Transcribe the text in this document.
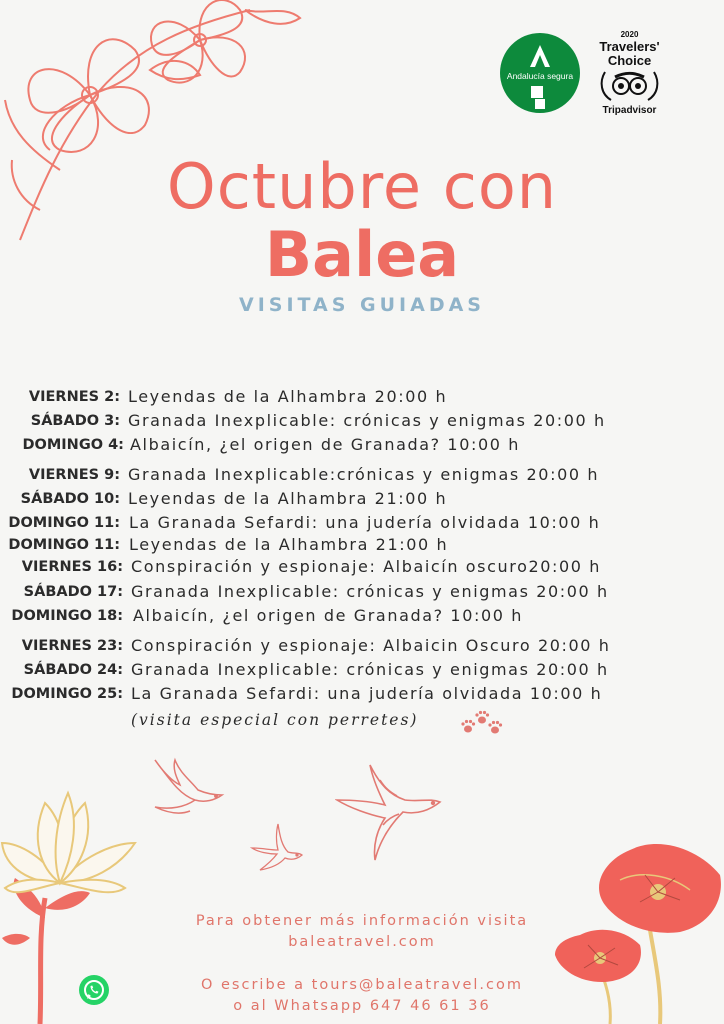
Andalucía segura
2020
Travelers'
Choice
Tripadvisor
Octubre con
Balea
VISITAS GUIADAS
VIERNES 2: Leyendas de la Alhambra 20:00 h
SÁBADO 3: Granada Inexplicable: crónicas y enigmas 20:00 h
DOMINGO 4: Albaicín, ¿el origen de Granada? 10:00 h
VIERNES 9: Granada Inexplicable:crónicas y enigmas 20:00 h
SÁBADO 10: Leyendas de la Alhambra 21:00 h
DOMINGO 11: La Granada Sefardi: una judería olvidada 10:00 h
DOMINGO 11: Leyendas de la Alhambra 21:00 h
VIERNES 16: Conspiración y espionaje: Albaicín oscuro20:00 h
SÁBADO 17: Granada Inexplicable: crónicas y enigmas 20:00 h
DOMINGO 18: Albaicín, ¿el origen de Granada? 10:00 h
VIERNES 23: Conspiración y espionaje: Albaicin Oscuro 20:00 h
SÁBADO 24: Granada Inexplicable: crónicas y enigmas 20:00 h
DOMINGO 25: La Granada Sefardi: una judería olvidada 10:00 h
(visita especial con perretes)
Para obtener más información visita
baleatravel.com
O escribe a tours@baleatravel.com
o al Whatsapp 647 46 61 36
